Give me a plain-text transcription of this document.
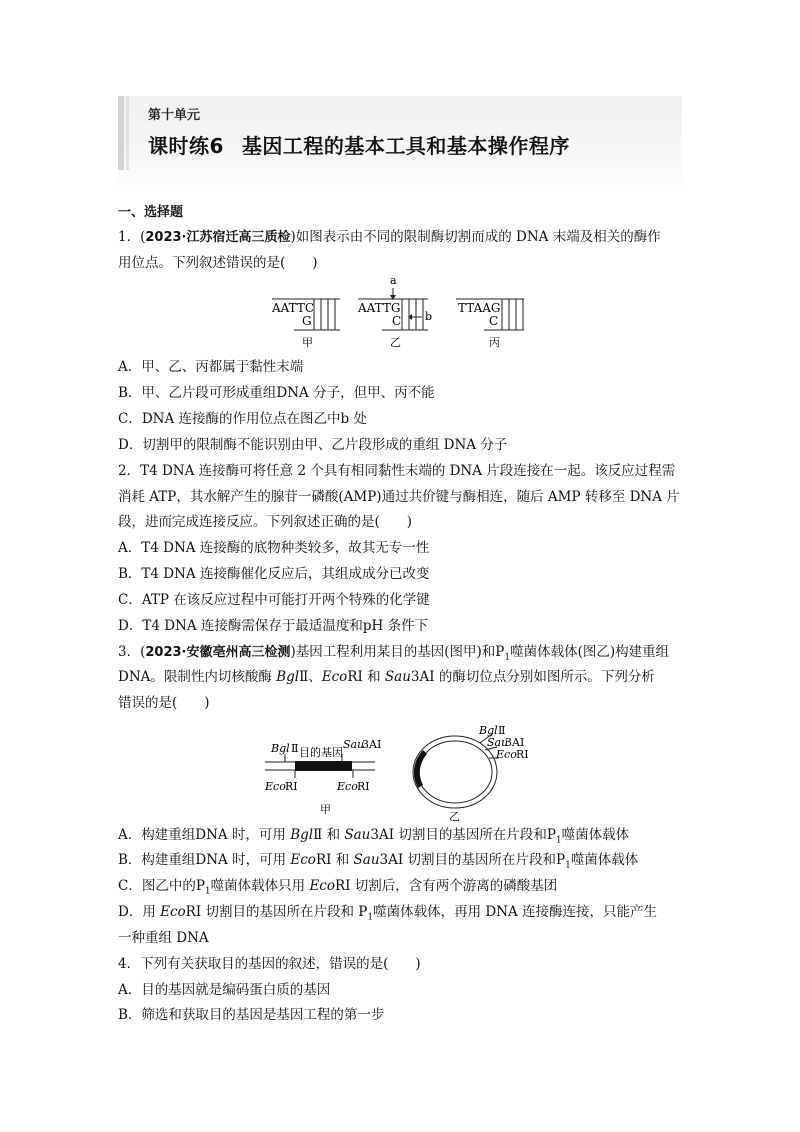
第十单元
课时练6 基因工程的基本工具和基本操作程序
一、选择题
1．(2023·江苏宿迁高三质检)如图表示由不同的限制酶切割而成的 DNA 末端及相关的酶作
用位点。下列叙述错误的是(　　)
AATTC
G
甲
AATTG
C
a
b
乙
TTAAG
C
丙
A．甲、乙、丙都属于黏性末端
B．甲、乙片段可形成重组DNA 分子，但甲、丙不能
C．DNA 连接酶的作用位点在图乙中b 处
D．切割甲的限制酶不能识别由甲、乙片段形成的重组 DNA 分子
2．T4 DNA 连接酶可将任意 2 个具有相同黏性末端的 DNA 片段连接在一起。该反应过程需
消耗 ATP，其水解产生的腺苷一磷酸(AMP)通过共价键与酶相连，随后 AMP 转移至 DNA 片
段，进而完成连接反应。下列叙述正确的是(　　)
A．T4 DNA 连接酶的底物种类较多，故其无专一性
B．T4 DNA 连接酶催化反应后，其组成成分已改变
C．ATP 在该反应过程中可能打开两个特殊的化学键
D．T4 DNA 连接酶需保存于最适温度和pH 条件下
3．(2023·安徽亳州高三检测)基因工程利用某目的基因(图甲)和$P_1$噬菌体载体(图乙)构建重组
DNA。限制性内切核酸酶 BglⅡ、EcoRⅠ 和 Sau3AⅠ 的酶切位点分别如图所示。下列分析
错误的是(　　)
Bgl Ⅱ 目的基因
Sau
3AⅠ
Eco RⅠ	Eco RⅠ
甲
Bgl Ⅱ
Sau
3AⅠ
Eco RⅠ
乙
A．构建重组DNA 时，可用 BglⅡ 和 Sau3AⅠ 切割目的基因所在片段和$P_1$噬菌体载体
B．构建重组DNA 时，可用 EcoRⅠ 和 Sau3AⅠ 切割目的基因所在片段和$P_1$噬菌体载体
C．图乙中的$P_1$噬菌体载体只用 EcoRⅠ 切割后，含有两个游离的磷酸基团
D．用 EcoRⅠ 切割目的基因所在片段和 $P_1$噬菌体载体，再用 DNA 连接酶连接，只能产生
一种重组 DNA
4．下列有关获取目的基因的叙述，错误的是(　　)
A．目的基因就是编码蛋白质的基因
B．筛选和获取目的基因是基因工程的第一步
